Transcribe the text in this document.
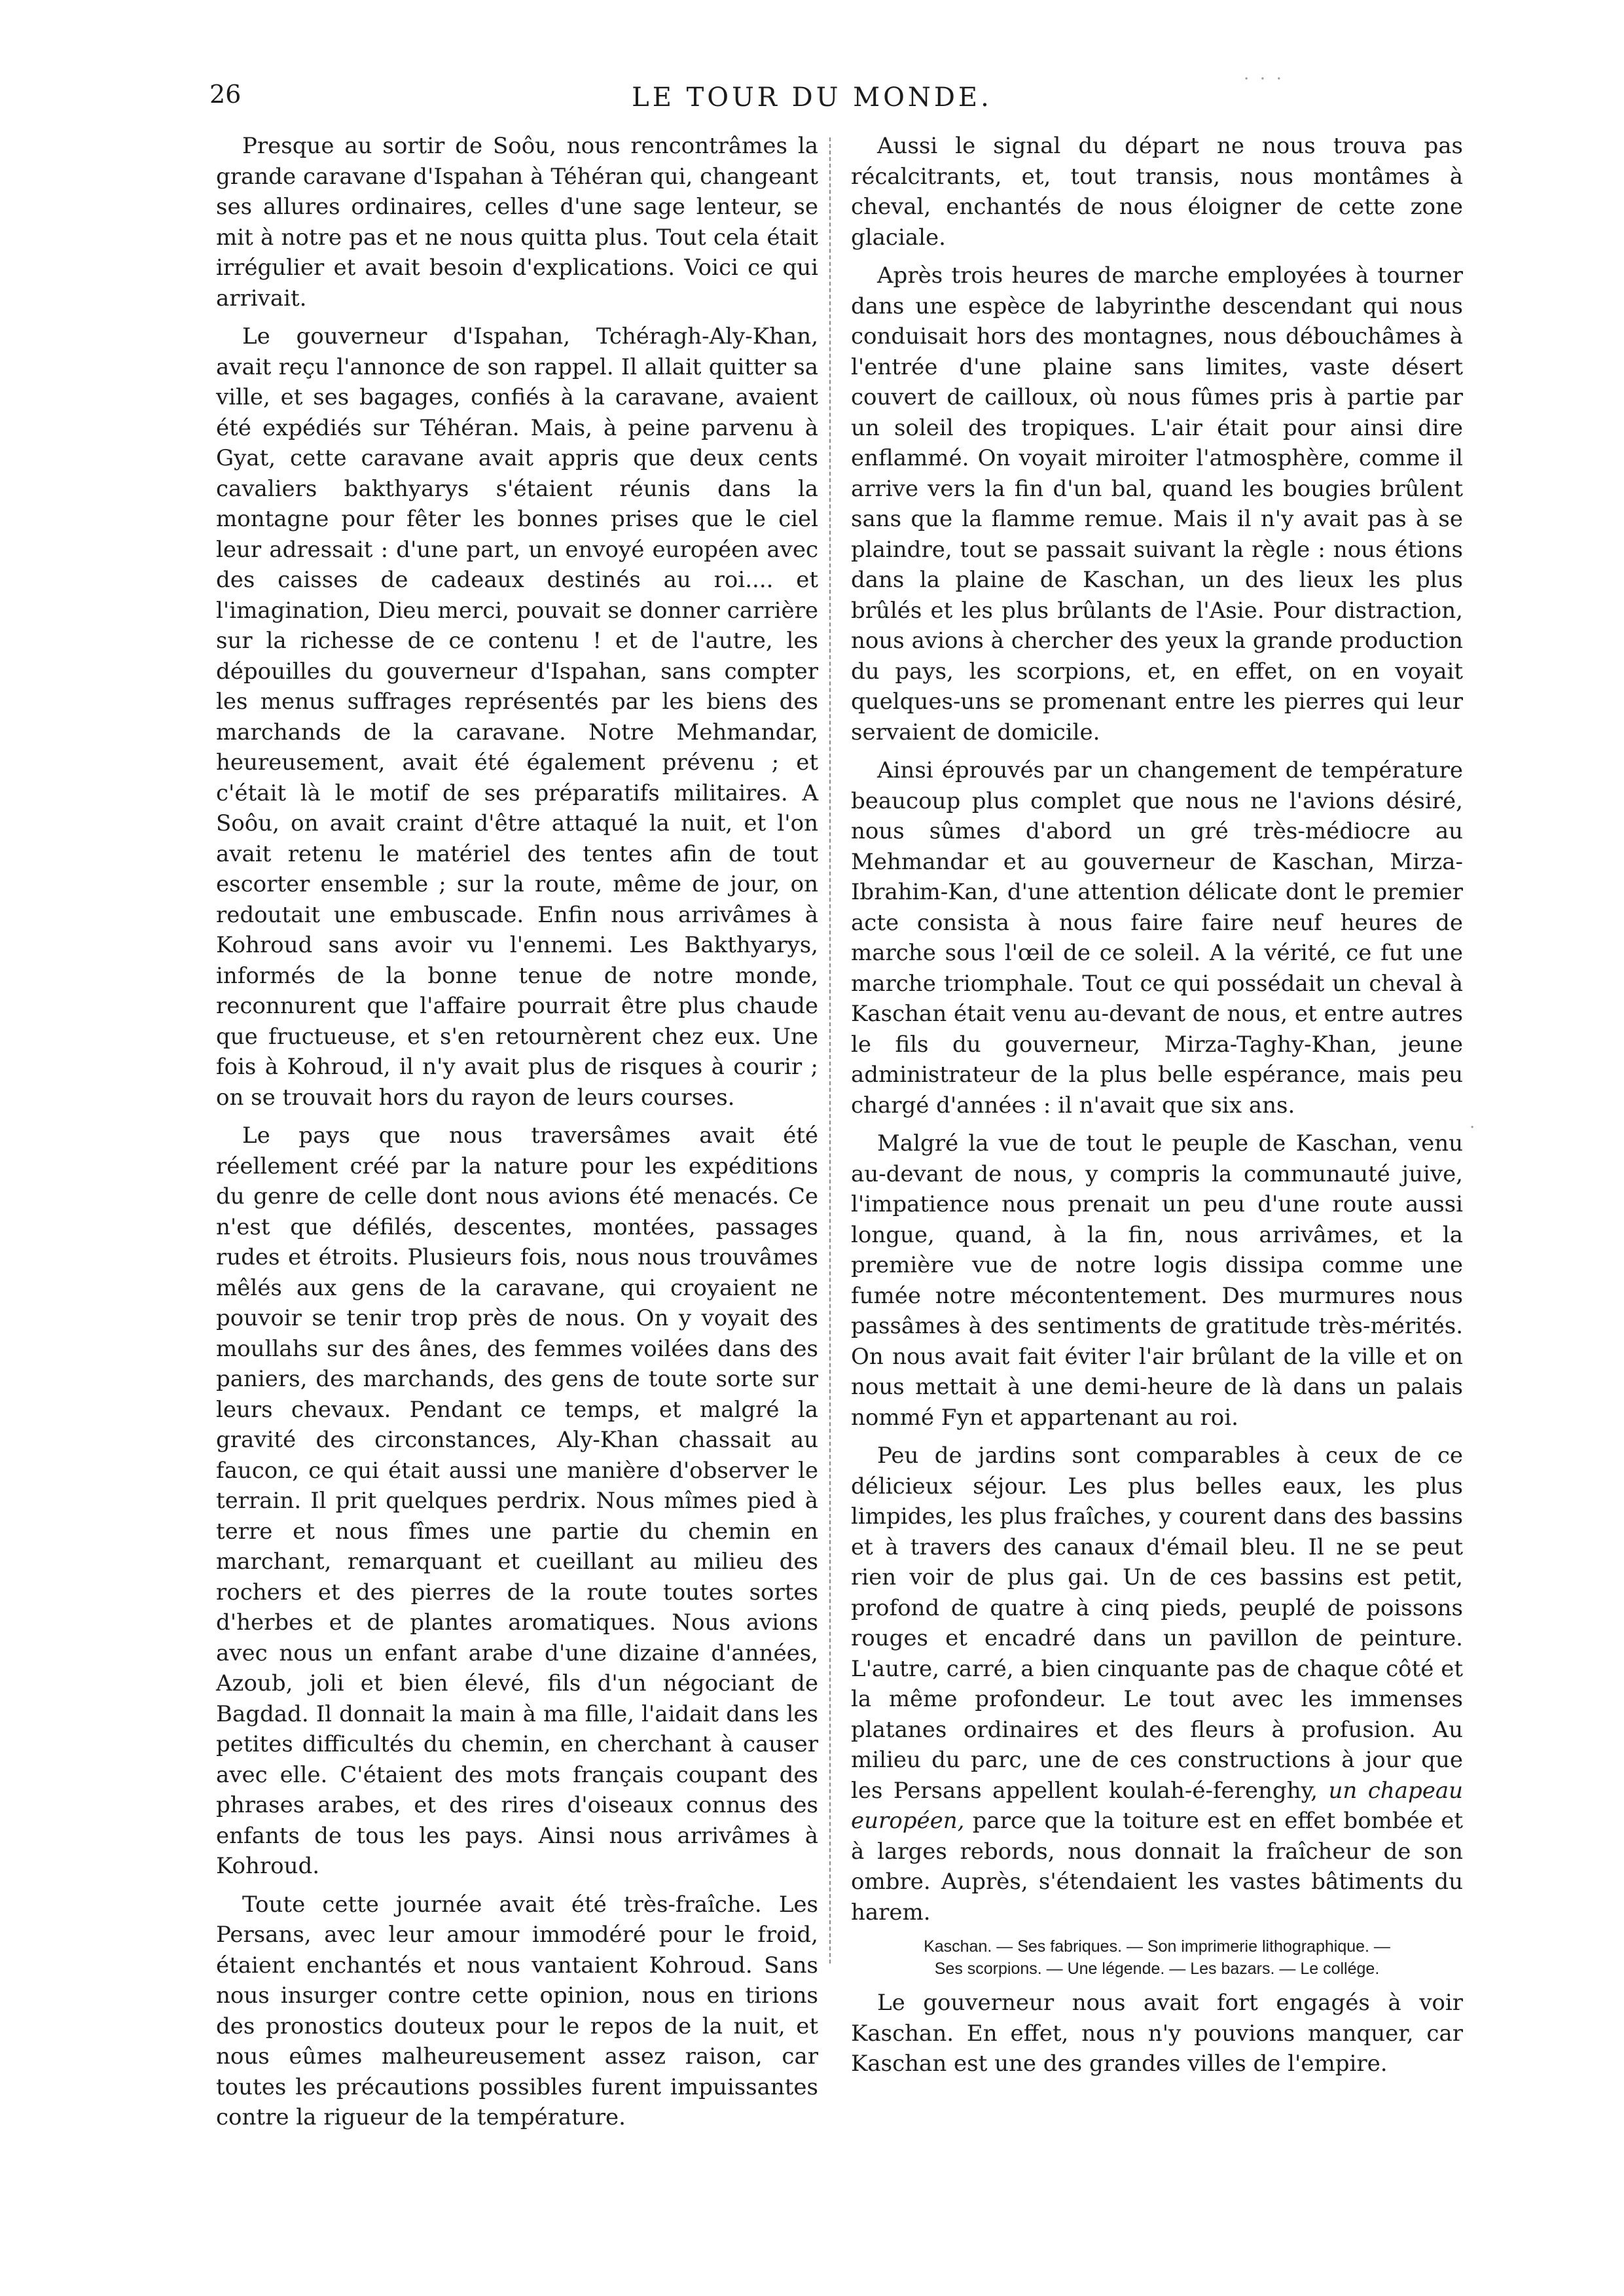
26	LE TOUR DU MONDE.
.  .  .
.

Presque au sortir de Soôu, nous rencontrâmes la grande caravane d'Ispahan à Téhéran qui, changeant ses allures ordinaires, celles d'une sage lenteur, se mit à notre pas et ne nous quitta plus. Tout cela était irrégulier et avait besoin d'explications. Voici ce qui arrivait.

Le gouverneur d'Ispahan, Tchéragh-Aly-Khan, avait reçu l'annonce de son rappel. Il allait quitter sa ville, et ses bagages, confiés à la caravane, avaient été expédiés sur Téhéran. Mais, à peine parvenu à Gyat, cette caravane avait appris que deux cents cavaliers bakthyarys s'étaient réunis dans la montagne pour fêter les bonnes prises que le ciel leur adressait : d'une part, un envoyé européen avec des caisses de cadeaux destinés au roi.... et l'imagination, Dieu merci, pouvait se donner carrière sur la richesse de ce contenu ! et de l'autre, les dépouilles du gouverneur d'Ispahan, sans compter les menus suffrages représentés par les biens des marchands de la caravane. Notre Mehmandar, heureusement, avait été également prévenu ; et c'était là le motif de ses préparatifs militaires. A Soôu, on avait craint d'être attaqué la nuit, et l'on avait retenu le matériel des tentes afin de tout escorter ensemble ; sur la route, même de jour, on redoutait une embuscade. Enfin nous arrivâmes à Kohroud sans avoir vu l'ennemi. Les Bakthyarys, informés de la bonne tenue de notre monde, reconnurent que l'affaire pourrait être plus chaude que fructueuse, et s'en retournèrent chez eux. Une fois à Kohroud, il n'y avait plus de risques à courir ; on se trouvait hors du rayon de leurs courses.

Le pays que nous traversâmes avait été réellement créé par la nature pour les expéditions du genre de celle dont nous avions été menacés. Ce n'est que défilés, descentes, montées, passages rudes et étroits. Plusieurs fois, nous nous trouvâmes mêlés aux gens de la caravane, qui croyaient ne pouvoir se tenir trop près de nous. On y voyait des moullahs sur des ânes, des femmes voilées dans des paniers, des marchands, des gens de toute sorte sur leurs chevaux. Pendant ce temps, et malgré la gravité des circonstances, Aly-Khan chassait au faucon, ce qui était aussi une manière d'observer le terrain. Il prit quelques perdrix. Nous mîmes pied à terre et nous fîmes une partie du chemin en marchant, remarquant et cueillant au milieu des rochers et des pierres de la route toutes sortes d'herbes et de plantes aromatiques. Nous avions avec nous un enfant arabe d'une dizaine d'années, Azoub, joli et bien élevé, fils d'un négociant de Bagdad. Il donnait la main à ma fille, l'aidait dans les petites difficultés du chemin, en cherchant à causer avec elle. C'étaient des mots français coupant des phrases arabes, et des rires d'oiseaux connus des enfants de tous les pays. Ainsi nous arrivâmes à Kohroud.

Toute cette journée avait été très-fraîche. Les Persans, avec leur amour immodéré pour le froid, étaient enchantés et nous vantaient Kohroud. Sans nous insurger contre cette opinion, nous en tirions des pronostics douteux pour le repos de la nuit, et nous eûmes malheureusement assez raison, car toutes les précautions possibles furent impuissantes contre la rigueur de la température.

Aussi le signal du départ ne nous trouva pas récalcitrants, et, tout transis, nous montâmes à cheval, enchantés de nous éloigner de cette zone glaciale.

Après trois heures de marche employées à tourner dans une espèce de labyrinthe descendant qui nous conduisait hors des montagnes, nous débouchâmes à l'entrée d'une plaine sans limites, vaste désert couvert de cailloux, où nous fûmes pris à partie par un soleil des tropiques. L'air était pour ainsi dire enflammé. On voyait miroiter l'atmosphère, comme il arrive vers la fin d'un bal, quand les bougies brûlent sans que la flamme remue. Mais il n'y avait pas à se plaindre, tout se passait suivant la règle : nous étions dans la plaine de Kaschan, un des lieux les plus brûlés et les plus brûlants de l'Asie. Pour distraction, nous avions à chercher des yeux la grande production du pays, les scorpions, et, en effet, on en voyait quelques-uns se promenant entre les pierres qui leur servaient de domicile.

Ainsi éprouvés par un changement de température beaucoup plus complet que nous ne l'avions désiré, nous sûmes d'abord un gré très-médiocre au Mehmandar et au gouverneur de Kaschan, Mirza-Ibrahim-Kan, d'une attention délicate dont le premier acte consista à nous faire faire neuf heures de marche sous l'œil de ce soleil. A la vérité, ce fut une marche triomphale. Tout ce qui possédait un cheval à Kaschan était venu au-devant de nous, et entre autres le fils du gouverneur, Mirza-Taghy-Khan, jeune administrateur de la plus belle espérance, mais peu chargé d'années : il n'avait que six ans.

Malgré la vue de tout le peuple de Kaschan, venu au-devant de nous, y compris la communauté juive, l'impatience nous prenait un peu d'une route aussi longue, quand, à la fin, nous arrivâmes, et la première vue de notre logis dissipa comme une fumée notre mécontentement. Des murmures nous passâmes à des sentiments de gratitude très-mérités. On nous avait fait éviter l'air brûlant de la ville et on nous mettait à une demi-heure de là dans un palais nommé Fyn et appartenant au roi.

Peu de jardins sont comparables à ceux de ce délicieux séjour. Les plus belles eaux, les plus limpides, les plus fraîches, y courent dans des bassins et à travers des canaux d'émail bleu. Il ne se peut rien voir de plus gai. Un de ces bassins est petit, profond de quatre à cinq pieds, peuplé de poissons rouges et encadré dans un pavillon de peinture. L'autre, carré, a bien cinquante pas de chaque côté et la même profondeur. Le tout avec les immenses platanes ordinaires et des fleurs à profusion. Au milieu du parc, une de ces constructions à jour que les Persans appellent koulah-é-ferenghy, un chapeau européen, parce que la toiture est en effet bombée et à larges rebords, nous donnait la fraîcheur de son ombre. Auprès, s'étendaient les vastes bâtiments du harem.

Kaschan. — Ses fabriques. — Son imprimerie lithographique. —
Ses scorpions. — Une légende. — Les bazars. — Le collége.

Le gouverneur nous avait fort engagés à voir Kaschan. En effet, nous n'y pouvions manquer, car Kaschan est une des grandes villes de l'empire.
